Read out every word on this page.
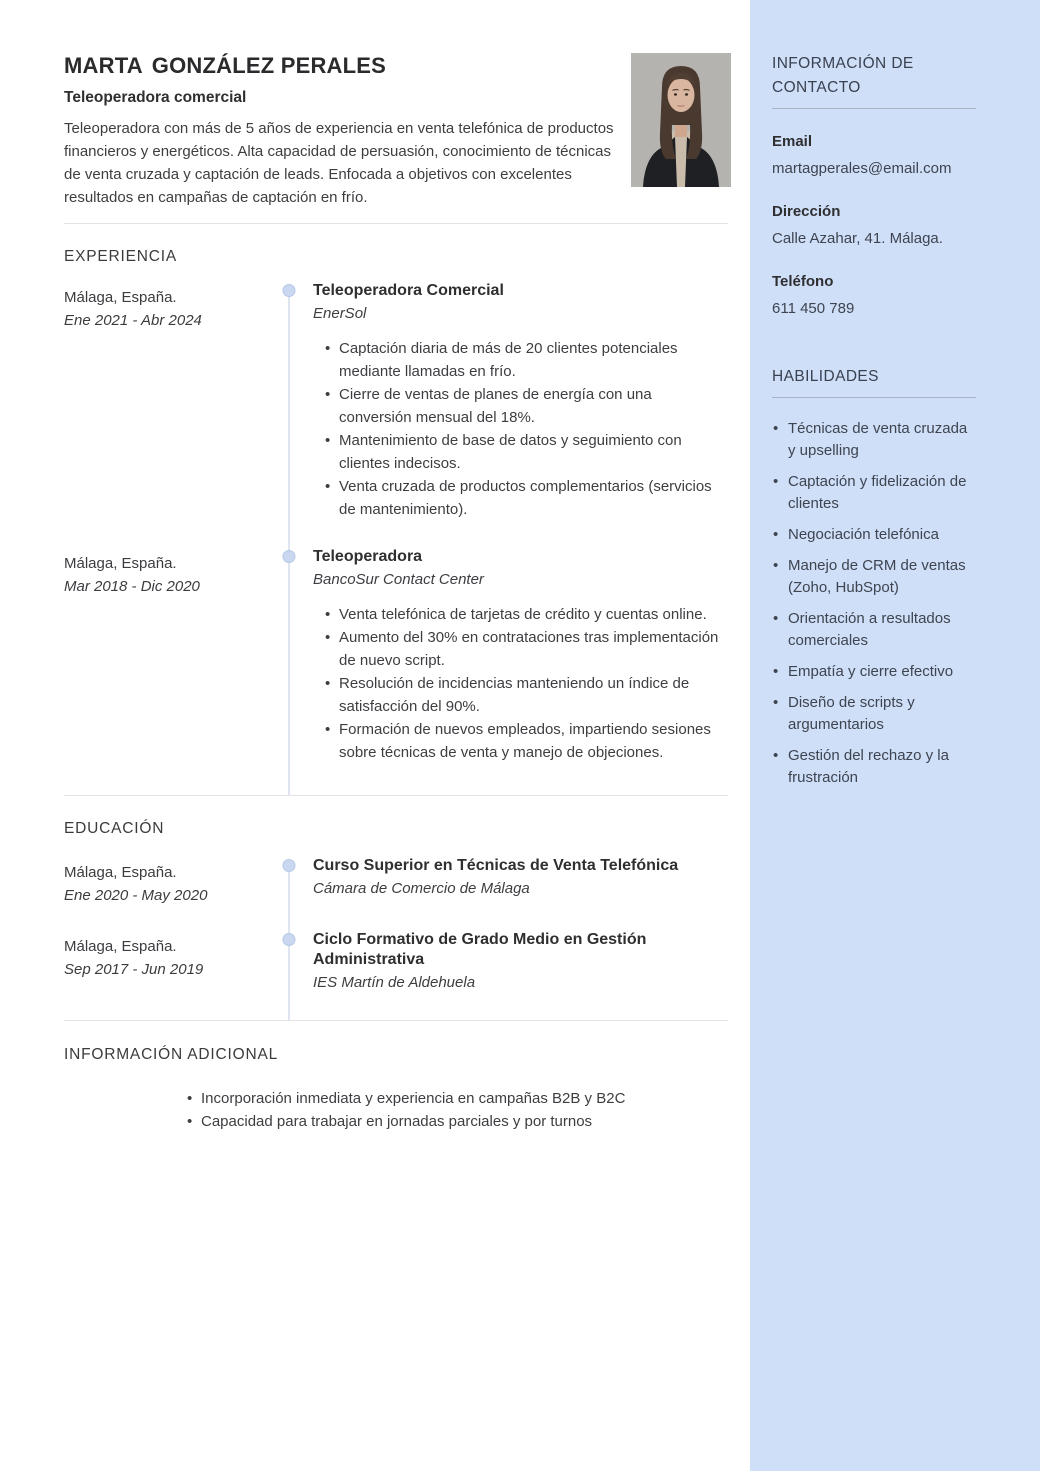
MARTA GONZÁLEZ PERALES
Teleoperadora comercial

Teleoperadora con más de 5 años de experiencia en venta telefónica de productos financieros y energéticos. Alta capacidad de persuasión, conocimiento de técnicas de venta cruzada y captación de leads. Enfocada a objetivos con excelentes resultados en campañas de captación en frío.

EXPERIENCIA
Málaga, España.
Ene 2021 - Abr 2024
Teleoperadora Comercial
EnerSol
• Captación diaria de más de 20 clientes potenciales mediante llamadas en frío.
• Cierre de ventas de planes de energía con una conversión mensual del 18%.
• Mantenimiento de base de datos y seguimiento con clientes indecisos.
• Venta cruzada de productos complementarios (servicios de mantenimiento).
Málaga, España.
Mar 2018 - Dic 2020
Teleoperadora
BancoSur Contact Center
• Venta telefónica de tarjetas de crédito y cuentas online.
• Aumento del 30% en contrataciones tras implementación de nuevo script.
• Resolución de incidencias manteniendo un índice de satisfacción del 90%.
• Formación de nuevos empleados, impartiendo sesiones sobre técnicas de venta y manejo de objeciones.
EDUCACIÓN
Málaga, España.
Ene 2020 - May 2020
Curso Superior en Técnicas de Venta Telefónica
Cámara de Comercio de Málaga
Málaga, España.
Sep 2017 - Jun 2019
Ciclo Formativo de Grado Medio en Gestión Administrativa
IES Martín de Aldehuela
INFORMACIÓN ADICIONAL
• Incorporación inmediata y experiencia en campañas B2B y B2C
• Capacidad para trabajar en jornadas parciales y por turnos
INFORMACIÓN DE CONTACTO
Email
martagperales@email.com
Dirección
Calle Azahar, 41. Málaga.
Teléfono
611 450 789
HABILIDADES
• Técnicas de venta cruzada y upselling
• Captación y fidelización de clientes
• Negociación telefónica
• Manejo de CRM de ventas (Zoho, HubSpot)
• Orientación a resultados comerciales
• Empatía y cierre efectivo
• Diseño de scripts y argumentarios
• Gestión del rechazo y la frustración
